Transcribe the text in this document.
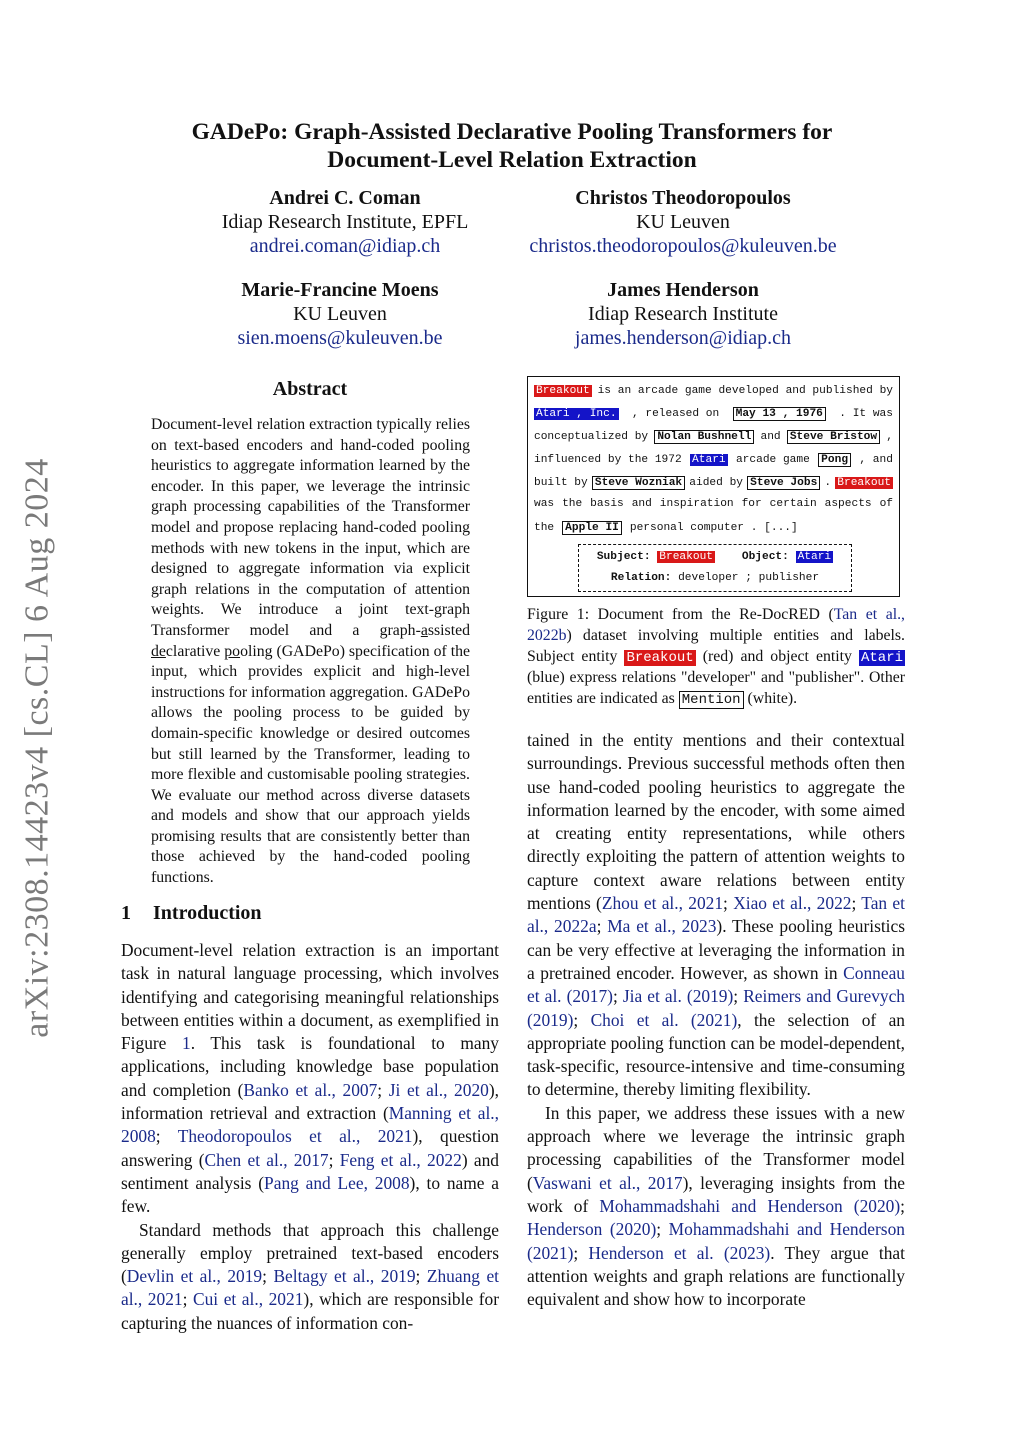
arXiv:2308.14423v4 [cs.CL] 6 Aug 2024
GADePo: Graph-Assisted Declarative Pooling Transformers for
Document-Level Relation Extraction
Andrei C. Coman
Idiap Research Institute, EPFL
andrei.coman@idiap.ch
Christos Theodoropoulos
KU Leuven
christos.theodoropoulos@kuleuven.be
Marie-Francine Moens
KU Leuven
sien.moens@kuleuven.be
James Henderson
Idiap Research Institute
james.henderson@idiap.ch
Abstract
Document-level relation extraction typically relies on text-based encoders and hand-coded pooling heuristics to aggregate information learned by the encoder. In this paper, we leverage the intrinsic graph processing capabilities of the Transformer model and propose replacing hand-coded pooling methods with new tokens in the input, which are designed to aggregate information via explicit graph relations in the computation of attention weights. We introduce a joint text-graph Transformer model and a graph-assisted declarative pooling (GADePo) specification of the input, which provides explicit and high-level instructions for information aggregation. GADePo allows the pooling process to be guided by domain-specific knowledge or desired outcomes but still learned by the Transformer, leading to more flexible and customisable pooling strategies. We evaluate our method across diverse datasets and models and show that our approach yields promising results that are consistently better than those achieved by the hand-coded pooling functions.
1 Introduction

Document-level relation extraction is an important task in natural language processing, which involves identifying and categorising meaningful relationships between entities within a document, as exemplified in Figure 1. This task is foundational to many applications, including knowledge base population and completion (Banko et al., 2007; Ji et al., 2020), information retrieval and extraction (Manning et al., 2008; Theodoropoulos et al., 2021), question answering (Chen et al., 2017; Feng et al., 2022) and sentiment analysis (Pang and Lee, 2008), to name a few.

Standard methods that approach this challenge generally employ pretrained text-based encoders (Devlin et al., 2019; Beltagy et al., 2019; Zhuang et al., 2021; Cui et al., 2021), which are responsible for capturing the nuances of information con-

Breakout is an arcade game developed and published by
Atari , Inc. , released on May 13 , 1976 . It was
conceptualized by Nolan Bushnell and Steve Bristow ,
influenced by the 1972 Atari arcade game Pong , and
built by Steve Wozniak aided by Steve Jobs . Breakout
was the basis and inspiration for certain aspects of
the Apple II personal computer . [...]
Subject: Breakout	Object: Atari
Relation: developer ; publisher
Figure 1: Document from the Re-DocRED (Tan et al., 2022b) dataset involving multiple entities and labels. Subject entity Breakout (red) and object entity Atari (blue) express relations "developer" and "publisher". Other entities are indicated as Mention (white).

tained in the entity mentions and their contextual surroundings. Previous successful methods often then use hand-coded pooling heuristics to aggregate the information learned by the encoder, with some aimed at creating entity representations, while others directly exploiting the pattern of attention weights to capture context aware relations between entity mentions (Zhou et al., 2021; Xiao et al., 2022; Tan et al., 2022a; Ma et al., 2023). These pooling heuristics can be very effective at leveraging the information in a pretrained encoder. However, as shown in Conneau et al. (2017); Jia et al. (2019); Reimers and Gurevych (2019); Choi et al. (2021), the selection of an appropriate pooling function can be model-dependent, task-specific, resource-intensive and time-consuming to determine, thereby limiting flexibility.

In this paper, we address these issues with a new approach where we leverage the intrinsic graph processing capabilities of the Transformer model (Vaswani et al., 2017), leveraging insights from the work of Mohammadshahi and Henderson (2020); Henderson (2020); Mohammadshahi and Henderson (2021); Henderson et al. (2023). They argue that attention weights and graph relations are functionally equivalent and show how to incorporate
